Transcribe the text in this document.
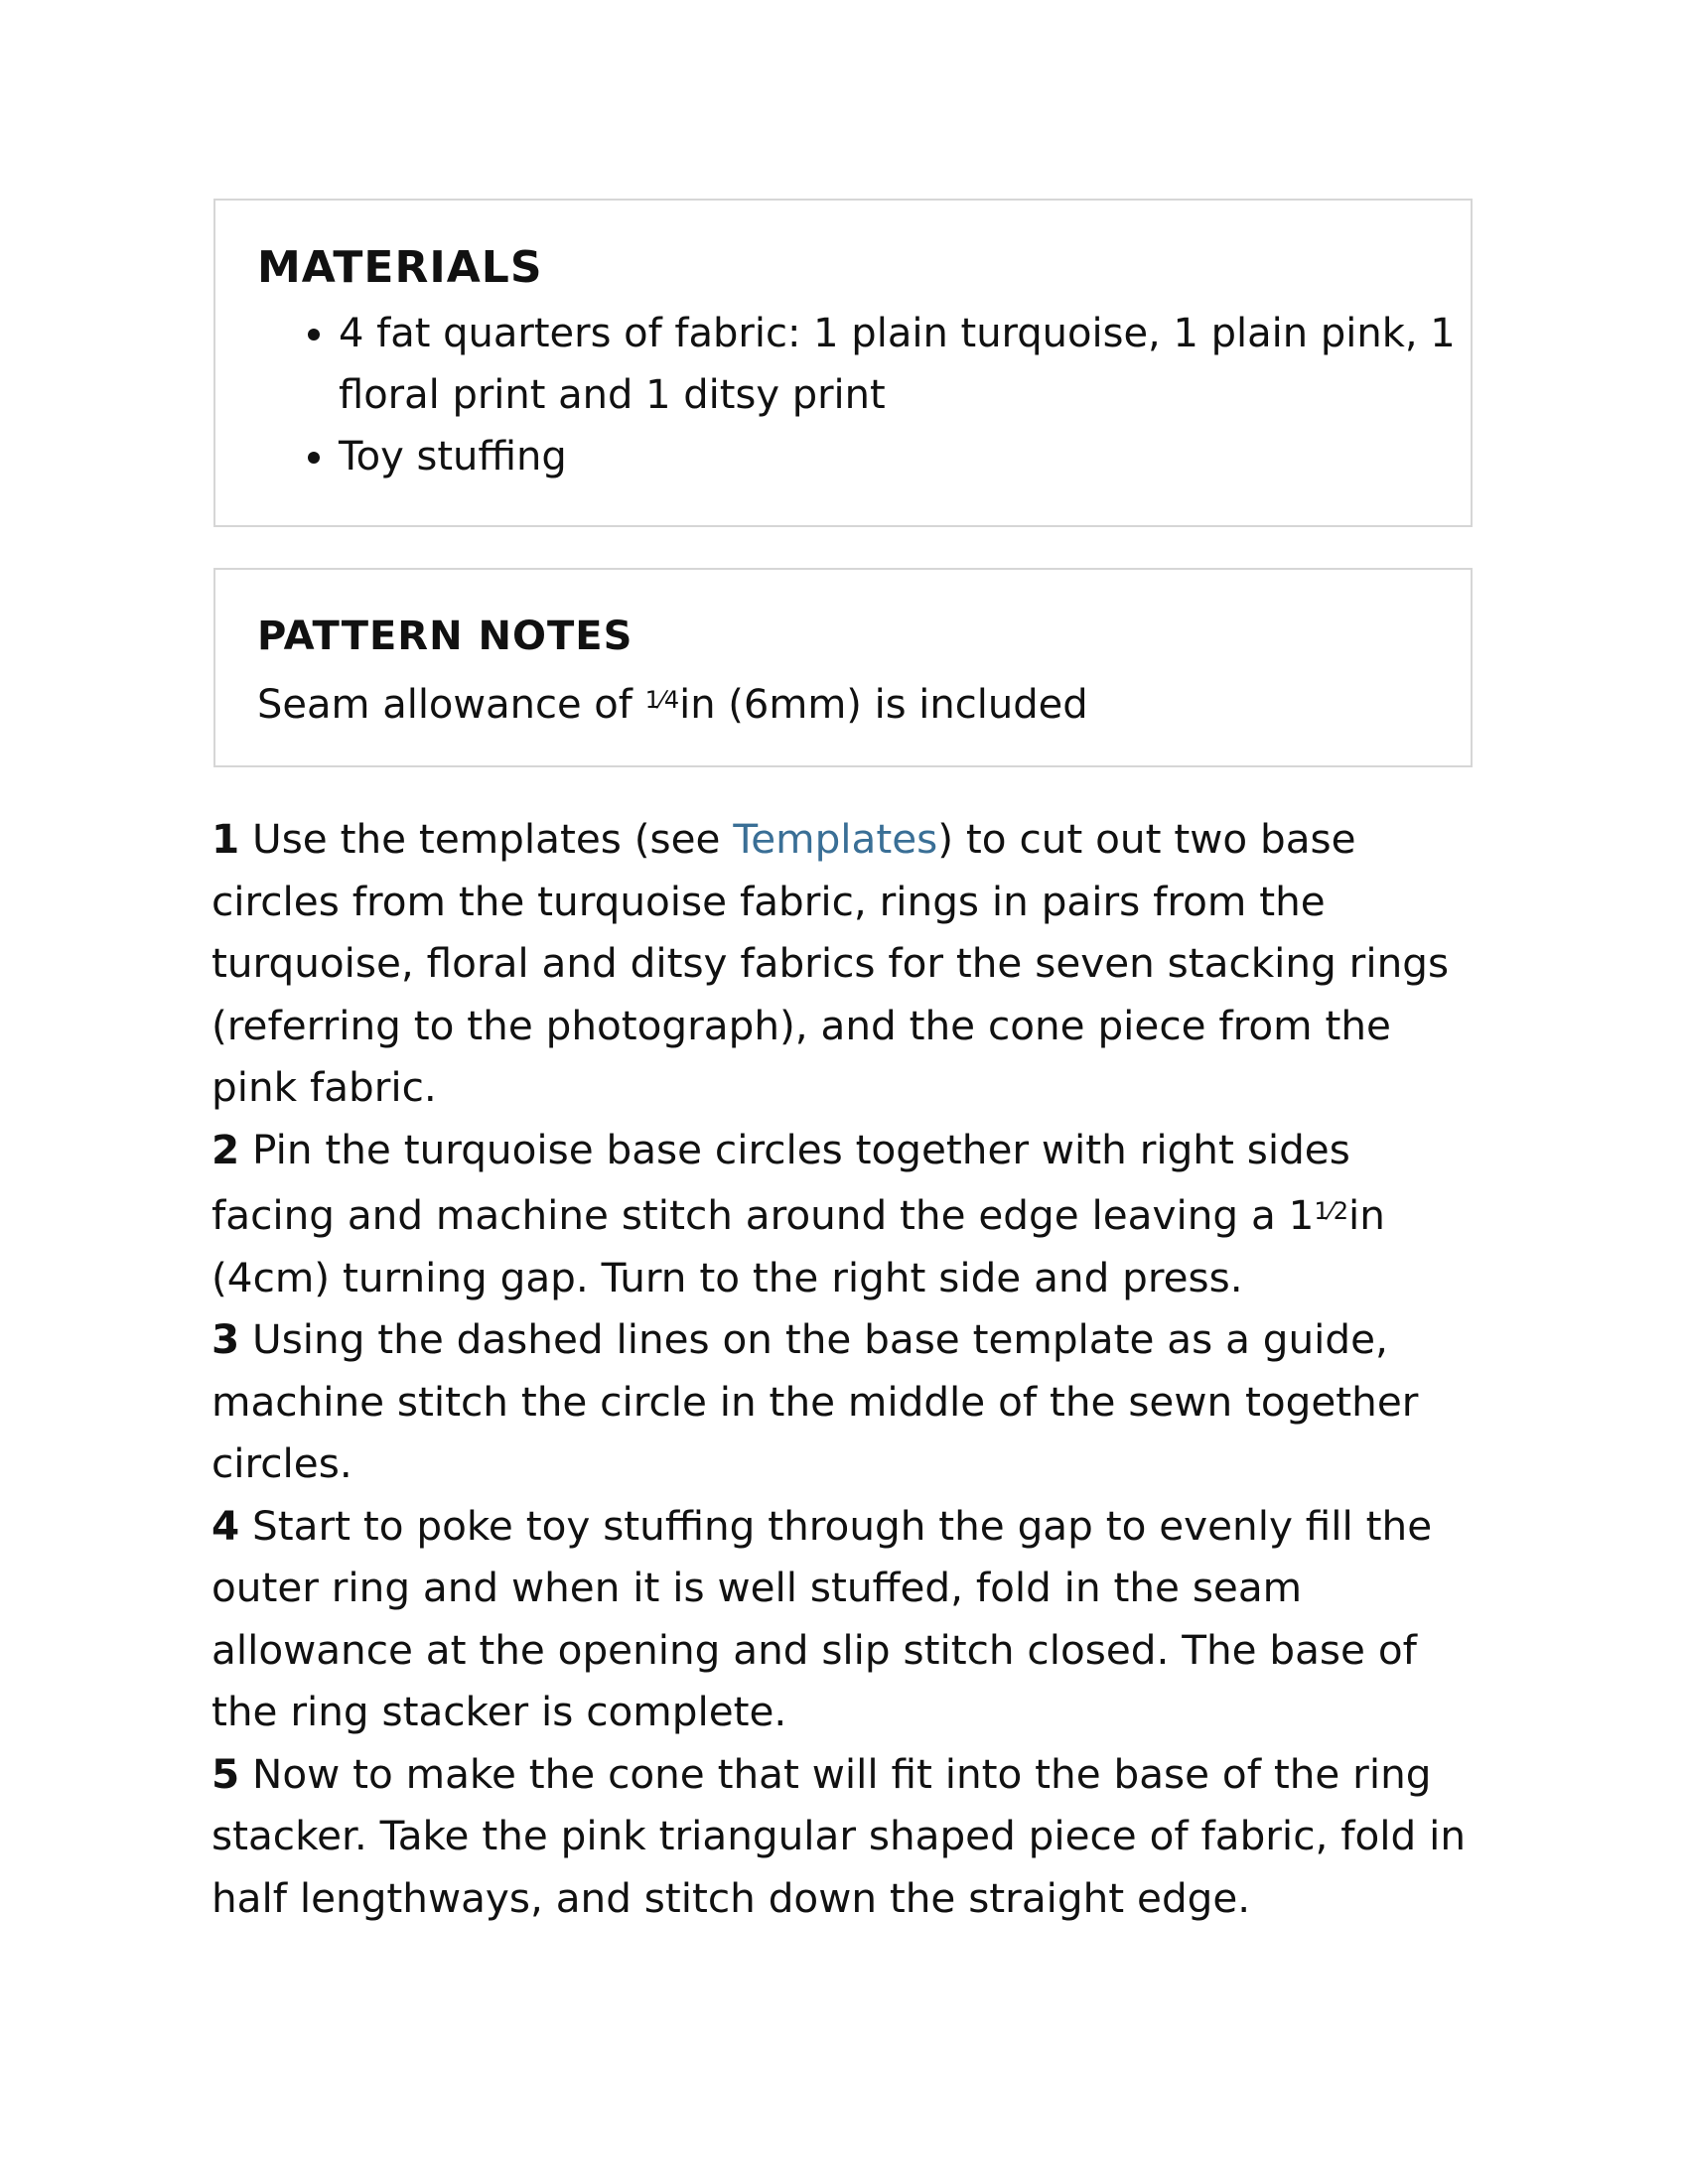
MATERIALS
• 4 fat quarters of fabric: 1 plain turquoise, 1 plain pink, 1 floral print and 1 ditsy print
• Toy stuffing
PATTERN NOTES

Seam allowance of $^{1⁄4}$in (6mm) is included

1 Use the templates (see Templates) to cut out two base circles from the turquoise fabric, rings in pairs from the turquoise, floral and ditsy fabrics for the seven stacking rings (referring to the photograph), and the cone piece from the pink fabric.

2 Pin the turquoise base circles together with right sides facing and machine stitch around the edge leaving a $1^{1⁄2}in$ (4cm) turning gap. Turn to the right side and press.

3 Using the dashed lines on the base template as a guide, machine stitch the circle in the middle of the sewn together circles.

4 Start to poke toy stuffing through the gap to evenly fill the outer ring and when it is well stuffed, fold in the seam allowance at the opening and slip stitch closed. The base of the ring stacker is complete.

5 Now to make the cone that will fit into the base of the ring stacker. Take the pink triangular shaped piece of fabric, fold in half lengthways, and stitch down the straight edge.
